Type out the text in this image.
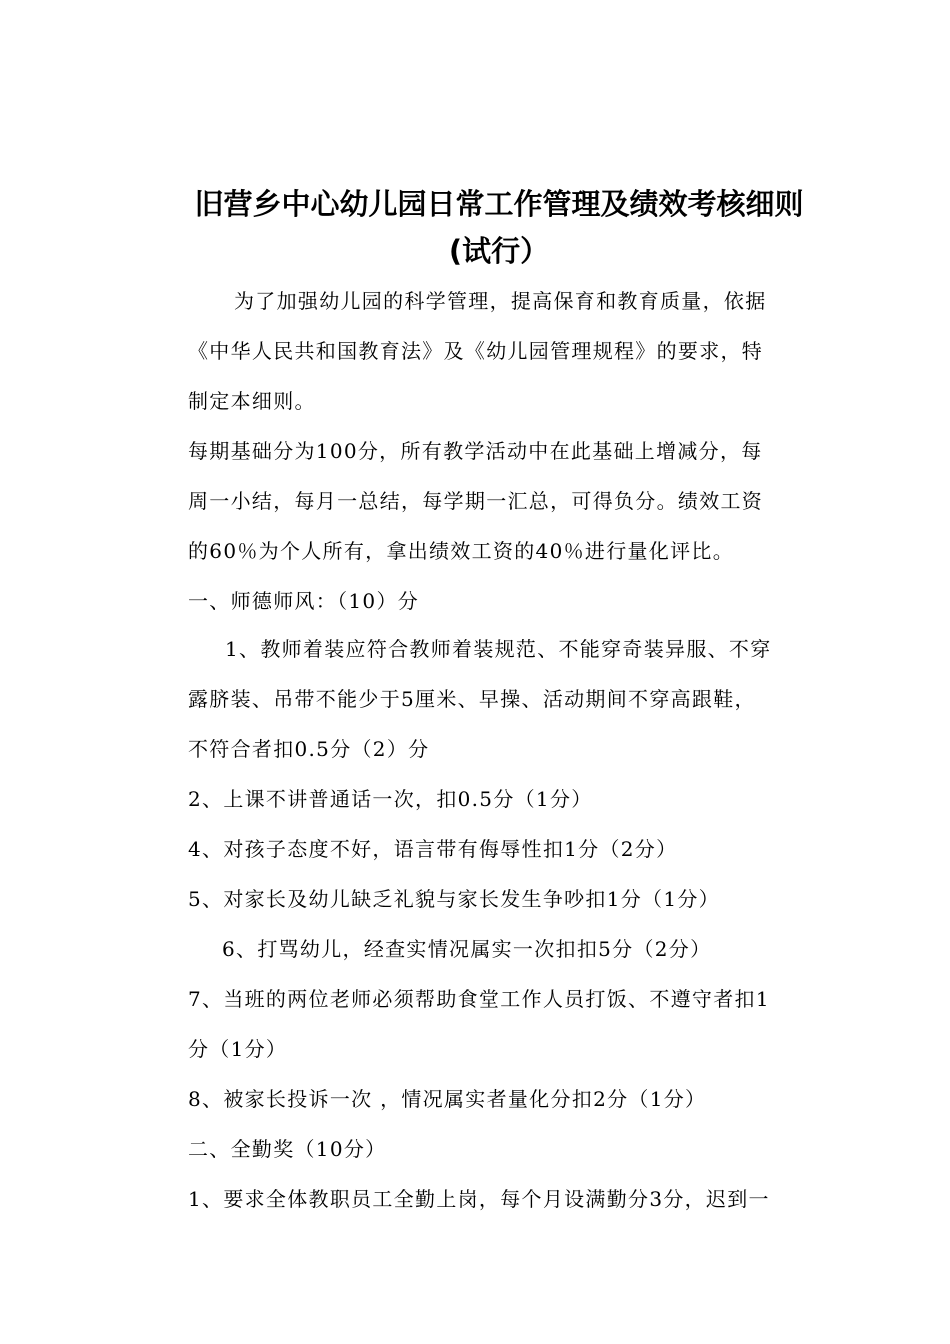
旧营乡中心幼儿园日常工作管理及绩效考核细则
(试行）
为了加强幼儿园的科学管理，提高保育和教育质量，依据
《中华人民共和国教育法》及《幼儿园管理规程》的要求，特
制定本细则。
每期基础分为100分，所有教学活动中在此基础上增减分，每
周一小结，每月一总结，每学期一汇总，可得负分。绩效工资
的60％为个人所有，拿出绩效工资的40％进行量化评比。
一、师德师风：（10）分
1、教师着装应符合教师着装规范、不能穿奇装异服、不穿
露脐装、吊带不能少于5厘米、早操、活动期间不穿高跟鞋，
不符合者扣0.5分（2）分
2、上课不讲普通话一次，扣0.5分（1分）
4、对孩子态度不好，语言带有侮辱性扣1分（2分）
5、对家长及幼儿缺乏礼貌与家长发生争吵扣1分（1分）
6、打骂幼儿，经查实情况属实一次扣扣5分（2分）
7、当班的两位老师必须帮助食堂工作人员打饭、不遵守者扣1
分（1分）
8、被家长投诉一次 ，情况属实者量化分扣2分（1分）
二、全勤奖（10分）
1、要求全体教职员工全勤上岗，每个月设满勤分3分，迟到一
